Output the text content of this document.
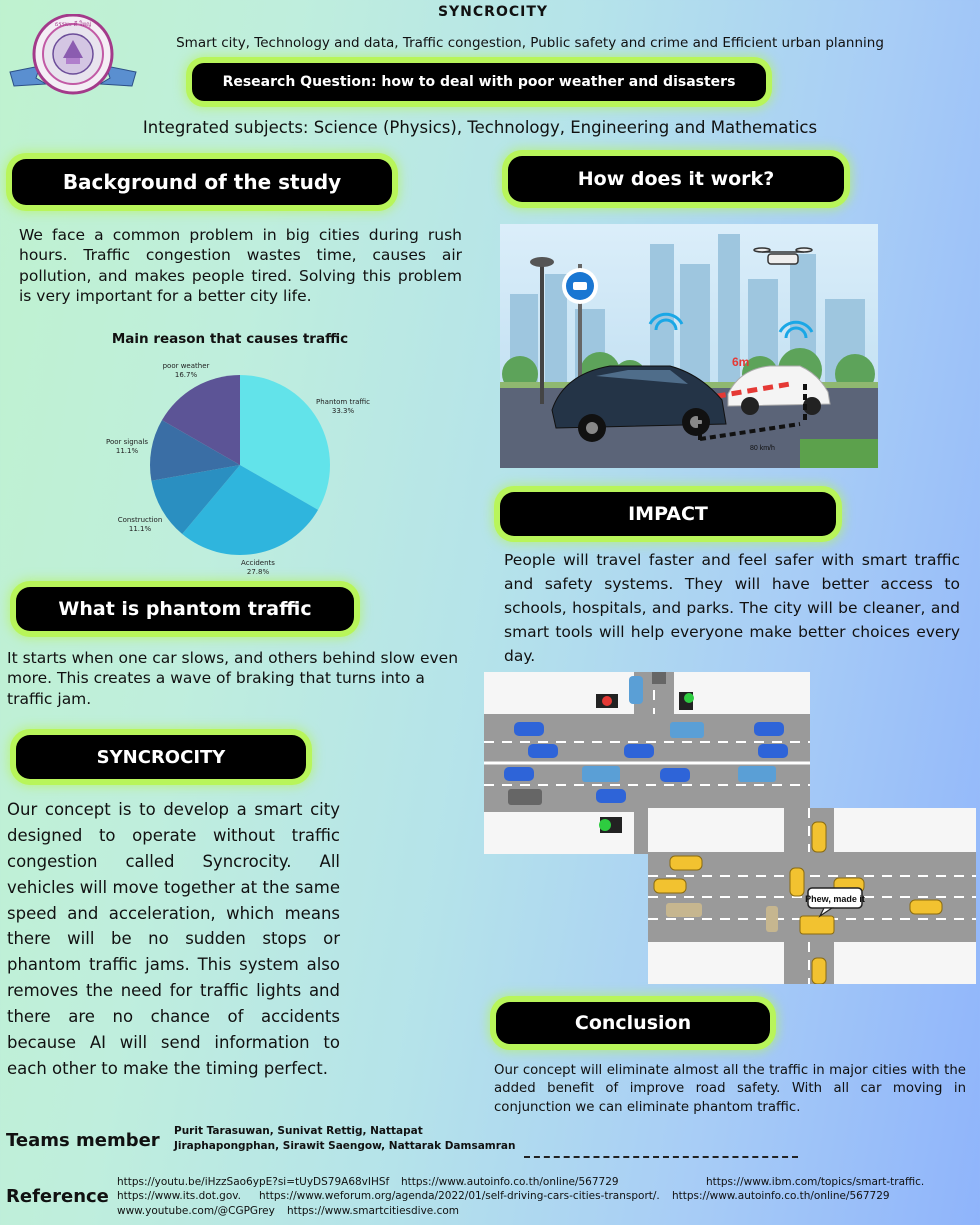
ธรรมะ ดี ใหญ่
SYNCROCITY
Smart city, Technology and data, Traffic congestion, Public safety and crime and Efficient urban planning
Research Question: how to deal with poor weather and disasters
Integrated subjects: Science (Physics), Technology, Engineering and Mathematics
Background of the study
We face a common problem in big cities during rush hours. Traffic congestion wastes time, causes air pollution, and makes people tired. Solving this problem is very important for a better city life.
Main reason that causes traffic
Phantom traffic
33.3%
Accidents
27.8%
Construction
11.1%
Poor signals
11.1%
poor weather
16.7%
What is phantom traffic
It starts when one car slows, and others behind slow even more. This creates a wave of braking that turns into a traffic jam.
SYNCROCITY
Our concept is to develop a smart city designed to operate without traffic congestion called Syncrocity. All vehicles will move together at the same speed and acceleration, which means there will be no sudden stops or phantom traffic jams. This system also removes the need for traffic lights and there are no chance of accidents because AI will send information to each other to make the timing perfect.
How does it work?
6m
80 km/h
IMPACT
People will travel faster and feel safer with smart traffic and safety systems. They will have better access to schools, hospitals, and parks. The city will be cleaner, and smart tools will help everyone make better choices every day.
Phew, made it
Conclusion
Our concept will eliminate almost all the traffic in major cities with the added benefit of improve road safety. With all car moving in conjunction we can eliminate phantom traffic.
Teams member Purit Tarasuwan, Sunivat Rettig, Nattapat
Jiraphapongphan, Sirawit Saengow, Nattarak Damsamran
Reference
https://youtu.be/iHzzSao6ypE?si=tUyDS79A68vIHSf https://www.autoinfo.co.th/online/567729	https://www.ibm.com/topics/smart-traffic.
https://www.its.dot.gov. https://www.weforum.org/agenda/2022/01/self-driving-cars-cities-transport/. https://www.autoinfo.co.th/online/567729
www.youtube.com/@CGPGrey https://www.smartcitiesdive.com
